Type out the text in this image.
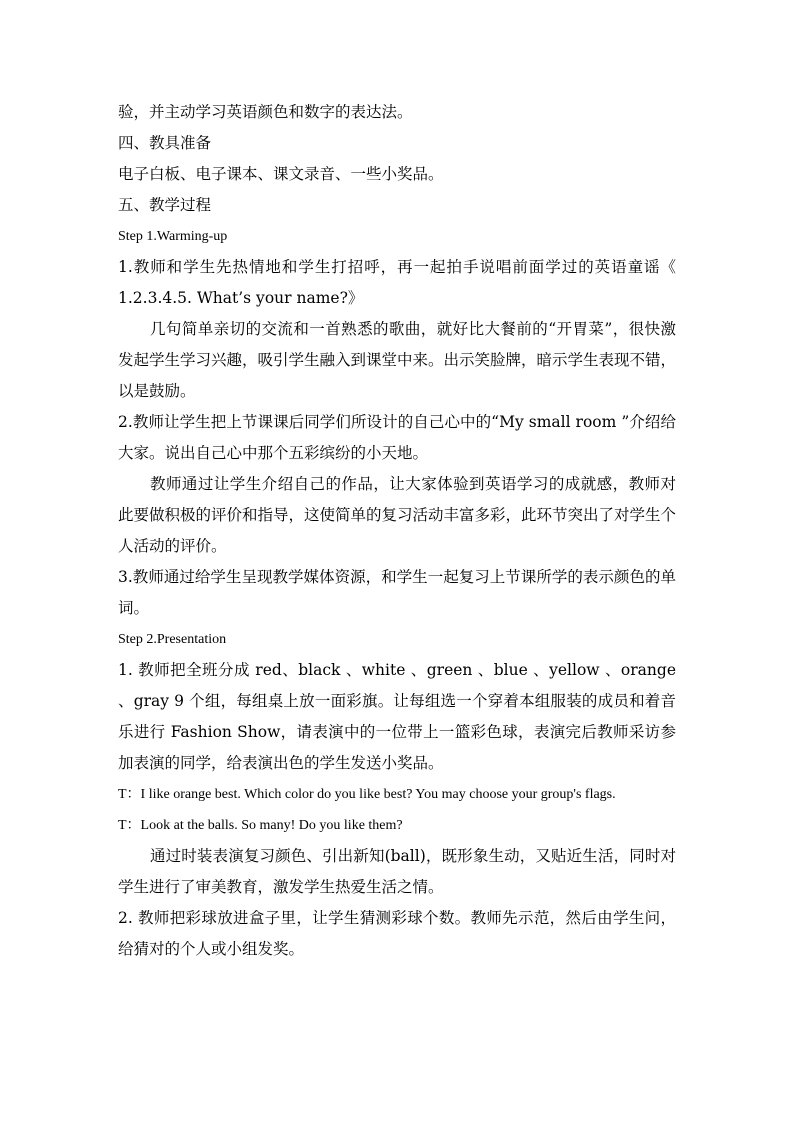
验，并主动学习英语颜色和数字的表达法。

四、教具准备

电子白板、电子课本、课文录音、一些小奖品。

五、教学过程

Step 1.Warming-up

1.教师和学生先热情地和学生打招呼，再一起拍手说唱前面学过的英语童谣《 1.2.3.4.5. What’s your name?》

几句简单亲切的交流和一首熟悉的歌曲，就好比大餐前的“开胃菜”，很快激发起学生学习兴趣，吸引学生融入到课堂中来。出示笑脸牌，暗示学生表现不错，以是鼓励。

2.教师让学生把上节课课后同学们所设计的自己心中的“My small room ”介绍给大家。说出自己心中那个五彩缤纷的小天地。

教师通过让学生介绍自己的作品，让大家体验到英语学习的成就感，教师对此要做积极的评价和指导，这使简单的复习活动丰富多彩，此环节突出了对学生个人活动的评价。

3.教师通过给学生呈现教学媒体资源，和学生一起复习上节课所学的表示颜色的单词。

Step 2.Presentation

1. 教师把全班分成 red、black 、white 、green 、blue 、yellow 、orange 、gray 9 个组，每组桌上放一面彩旗。让每组选一个穿着本组服装的成员和着音乐进行 Fashion Show，请表演中的一位带上一篮彩色球，表演完后教师采访参加表演的同学，给表演出色的学生发送小奖品。

T：I like orange best. Which color do you like best? You may choose your group's flags.

T：Look at the balls. So many! Do you like them?

通过时装表演复习颜色、引出新知(ball)，既形象生动，又贴近生活，同时对学生进行了审美教育，激发学生热爱生活之情。

2. 教师把彩球放进盒子里，让学生猜测彩球个数。教师先示范，然后由学生问，给猜对的个人或小组发奖。
